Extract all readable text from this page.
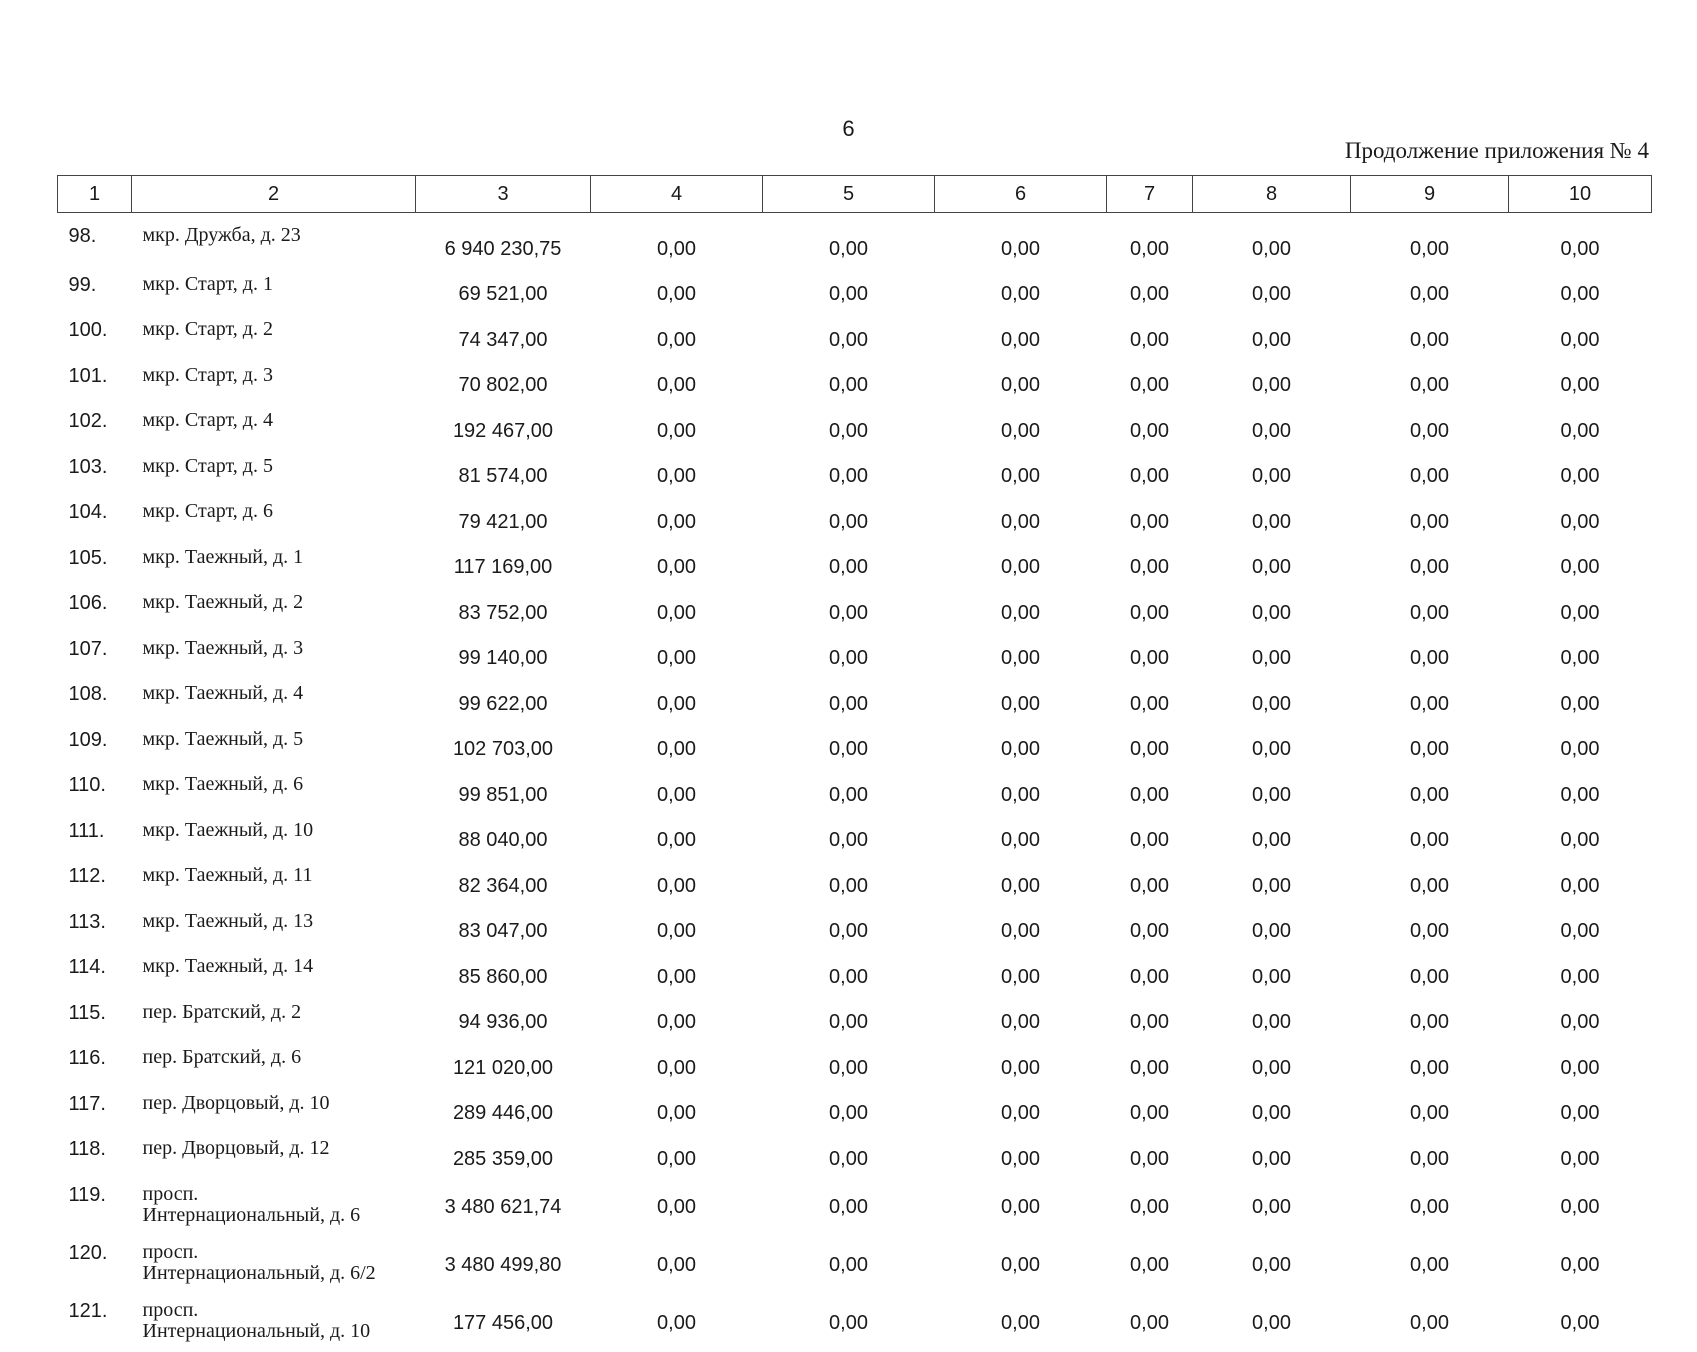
6
Продолжение приложения № 4
1	2	3	4	5	6	7	8	9	10
98.	мкр. Дружба, д. 23	6 940 230,75	0,00	0,00	0,00	0,00	0,00	0,00	0,00
99.	мкр. Старт, д. 1	69 521,00	0,00	0,00	0,00	0,00	0,00	0,00	0,00
100.	мкр. Старт, д. 2	74 347,00	0,00	0,00	0,00	0,00	0,00	0,00	0,00
101.	мкр. Старт, д. 3	70 802,00	0,00	0,00	0,00	0,00	0,00	0,00	0,00
102.	мкр. Старт, д. 4	192 467,00	0,00	0,00	0,00	0,00	0,00	0,00	0,00
103.	мкр. Старт, д. 5	81 574,00	0,00	0,00	0,00	0,00	0,00	0,00	0,00
104.	мкр. Старт, д. 6	79 421,00	0,00	0,00	0,00	0,00	0,00	0,00	0,00
105.	мкр. Таежный, д. 1	117 169,00	0,00	0,00	0,00	0,00	0,00	0,00	0,00
106.	мкр. Таежный, д. 2	83 752,00	0,00	0,00	0,00	0,00	0,00	0,00	0,00
107.	мкр. Таежный, д. 3	99 140,00	0,00	0,00	0,00	0,00	0,00	0,00	0,00
108.	мкр. Таежный, д. 4	99 622,00	0,00	0,00	0,00	0,00	0,00	0,00	0,00
109.	мкр. Таежный, д. 5	102 703,00	0,00	0,00	0,00	0,00	0,00	0,00	0,00
110.	мкр. Таежный, д. 6	99 851,00	0,00	0,00	0,00	0,00	0,00	0,00	0,00
111.	мкр. Таежный, д. 10	88 040,00	0,00	0,00	0,00	0,00	0,00	0,00	0,00
112.	мкр. Таежный, д. 11	82 364,00	0,00	0,00	0,00	0,00	0,00	0,00	0,00
113.	мкр. Таежный, д. 13	83 047,00	0,00	0,00	0,00	0,00	0,00	0,00	0,00
114.	мкр. Таежный, д. 14	85 860,00	0,00	0,00	0,00	0,00	0,00	0,00	0,00
115.	пер. Братский, д. 2	94 936,00	0,00	0,00	0,00	0,00	0,00	0,00	0,00
116.	пер. Братский, д. 6	121 020,00	0,00	0,00	0,00	0,00	0,00	0,00	0,00
117.	пер. Дворцовый, д. 10	289 446,00	0,00	0,00	0,00	0,00	0,00	0,00	0,00
118.	пер. Дворцовый, д. 12	285 359,00	0,00	0,00	0,00	0,00	0,00	0,00	0,00
119.	просп.
Интернациональный, д. 6	3 480 621,74	0,00	0,00	0,00	0,00	0,00	0,00	0,00
120.	просп.
Интернациональный, д. 6/2	3 480 499,80	0,00	0,00	0,00	0,00	0,00	0,00	0,00
121.	просп.
Интернациональный, д. 10	177 456,00	0,00	0,00	0,00	0,00	0,00	0,00	0,00
